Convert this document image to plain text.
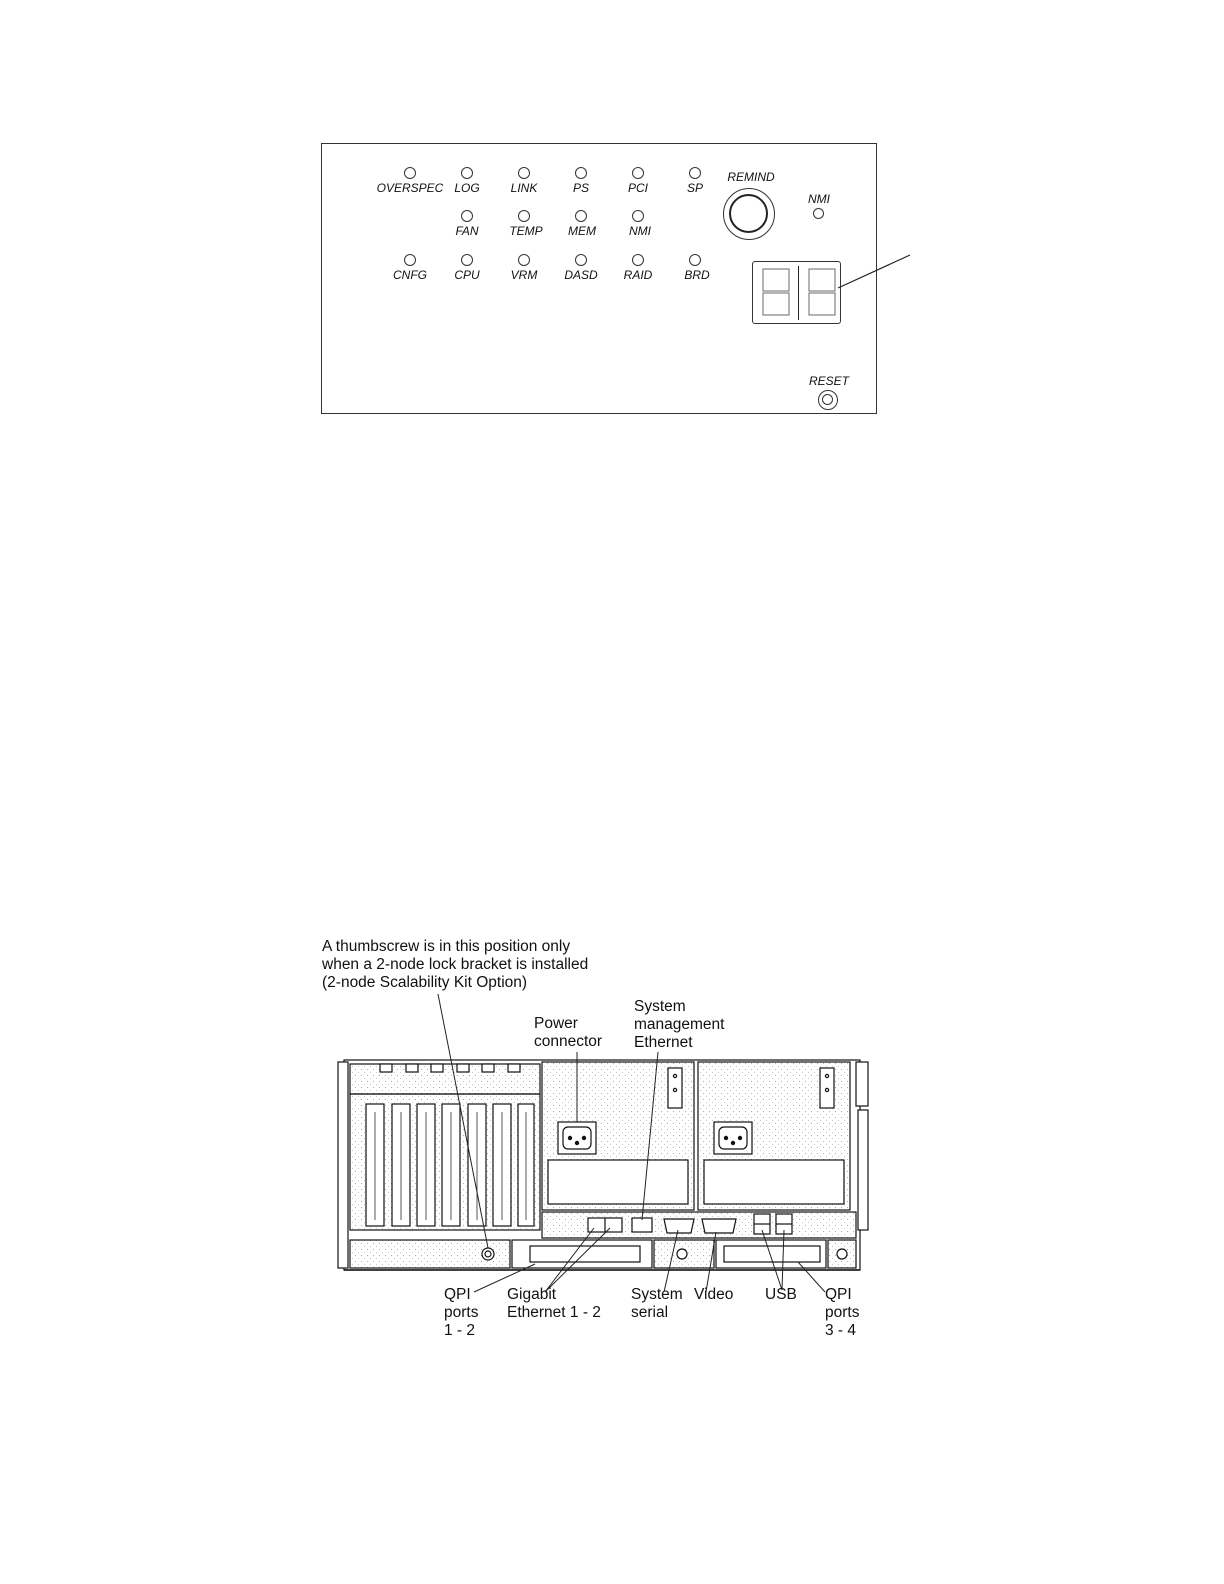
OVERSPEC LOG	LINK	PS	PCI	SP
FAN	TEMP MEM	NMI
CNFG CPU	VRM DASD RAID	BRD
REMIND
NMI
RESET
A thumbscrew is in this position only
when a 2-node lock bracket is installed
(2-node Scalability Kit Option)
Power
connector
System
management
Ethernet
QPI
ports
1 - 2
Gigabit
Ethernet 1 - 2
System
serial
Video USB QPI
ports
3 - 4
